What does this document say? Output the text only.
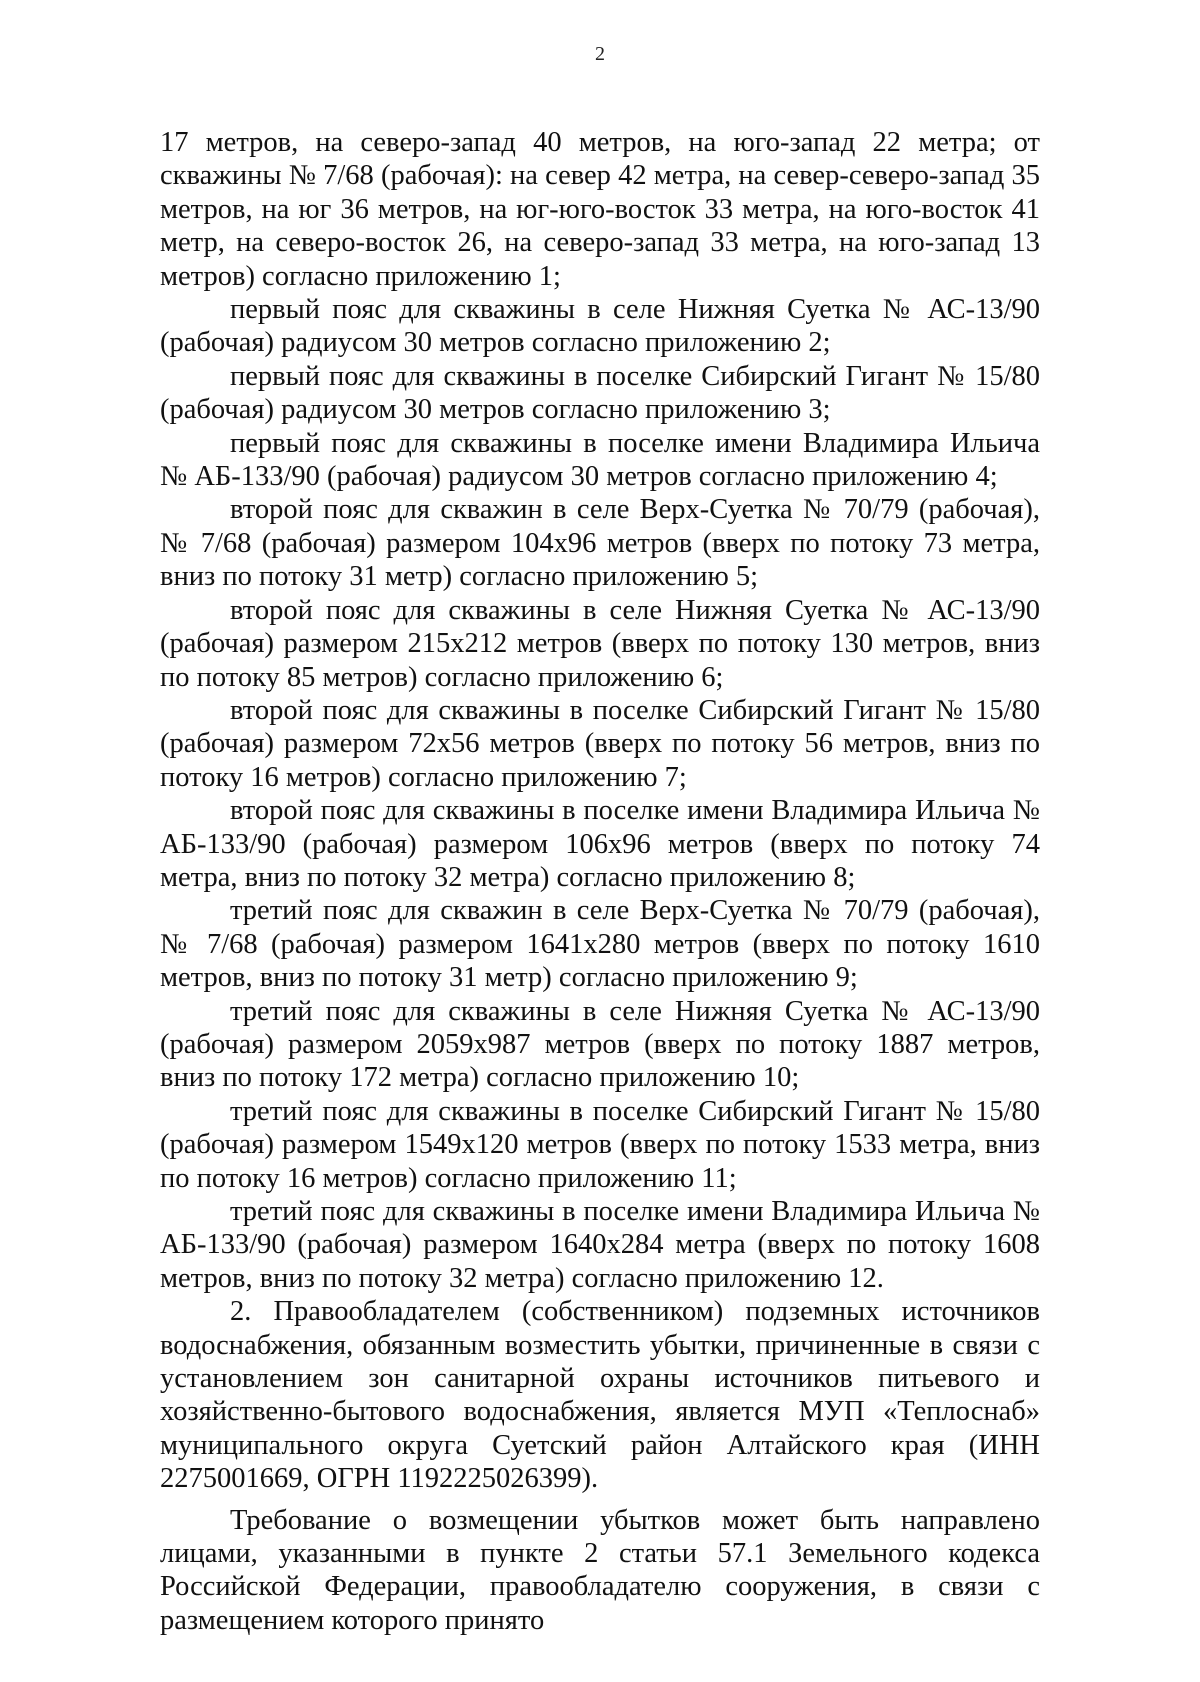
2

17 метров, на северо-запад 40 метров, на юго-запад 22 метра; от скважины № 7/68 (рабочая): на север 42 метра, на север-северо-запад 35 метров, на юг 36 метров, на юг-юго-восток 33 метра, на юго-восток 41 метр, на северо-восток 26, на северо-запад 33 метра, на юго-запад 13 метров) согласно приложению 1;

первый пояс для скважины в селе Нижняя Суетка № АС-13/90 (рабочая) радиусом 30 метров согласно приложению 2;

первый пояс для скважины в поселке Сибирский Гигант № 15/80 (рабочая) радиусом 30 метров согласно приложению 3;

первый пояс для скважины в поселке имени Владимира Ильича № АБ-133/90 (рабочая) радиусом 30 метров согласно приложению 4;

второй пояс для скважин в селе Верх-Суетка № 70/79 (рабочая), № 7/68 (рабочая) размером 104х96 метров (вверх по потоку 73 метра, вниз по потоку 31 метр) согласно приложению 5;

второй пояс для скважины в селе Нижняя Суетка № АС-13/90 (рабочая) размером 215х212 метров (вверх по потоку 130 метров, вниз по потоку 85 метров) согласно приложению 6;

второй пояс для скважины в поселке Сибирский Гигант № 15/80 (рабочая) размером 72х56 метров (вверх по потоку 56 метров, вниз по потоку 16 метров) согласно приложению 7;

второй пояс для скважины в поселке имени Владимира Ильича № АБ-133/90 (рабочая) размером 106х96 метров (вверх по потоку 74 метра, вниз по потоку 32 метра) согласно приложению 8;

третий пояс для скважин в селе Верх-Суетка № 70/79 (рабочая), № 7/68 (рабочая) размером 1641х280 метров (вверх по потоку 1610 метров, вниз по потоку 31 метр) согласно приложению 9;

третий пояс для скважины в селе Нижняя Суетка № АС-13/90 (рабочая) размером 2059х987 метров (вверх по потоку 1887 метров, вниз по потоку 172 метра) согласно приложению 10;

третий пояс для скважины в поселке Сибирский Гигант № 15/80 (рабочая) размером 1549х120 метров (вверх по потоку 1533 метра, вниз по потоку 16 метров) согласно приложению 11;

третий пояс для скважины в поселке имени Владимира Ильича № АБ-133/90 (рабочая) размером 1640х284 метра (вверх по потоку 1608 метров, вниз по потоку 32 метра) согласно приложению 12.

2. Правообладателем (собственником) подземных источников водоснабжения, обязанным возместить убытки, причиненные в связи с установлением зон санитарной охраны источников питьевого и хозяйственно-бытового водоснабжения, является МУП «Теплоснаб» муниципального округа Суетский район Алтайского края (ИНН 2275001669, ОГРН 1192225026399).

Требование о возмещении убытков может быть направлено лицами, указанными в пункте 2 статьи 57.1 Земельного кодекса Российской Федерации, правообладателю сооружения, в связи с размещением которого принято
